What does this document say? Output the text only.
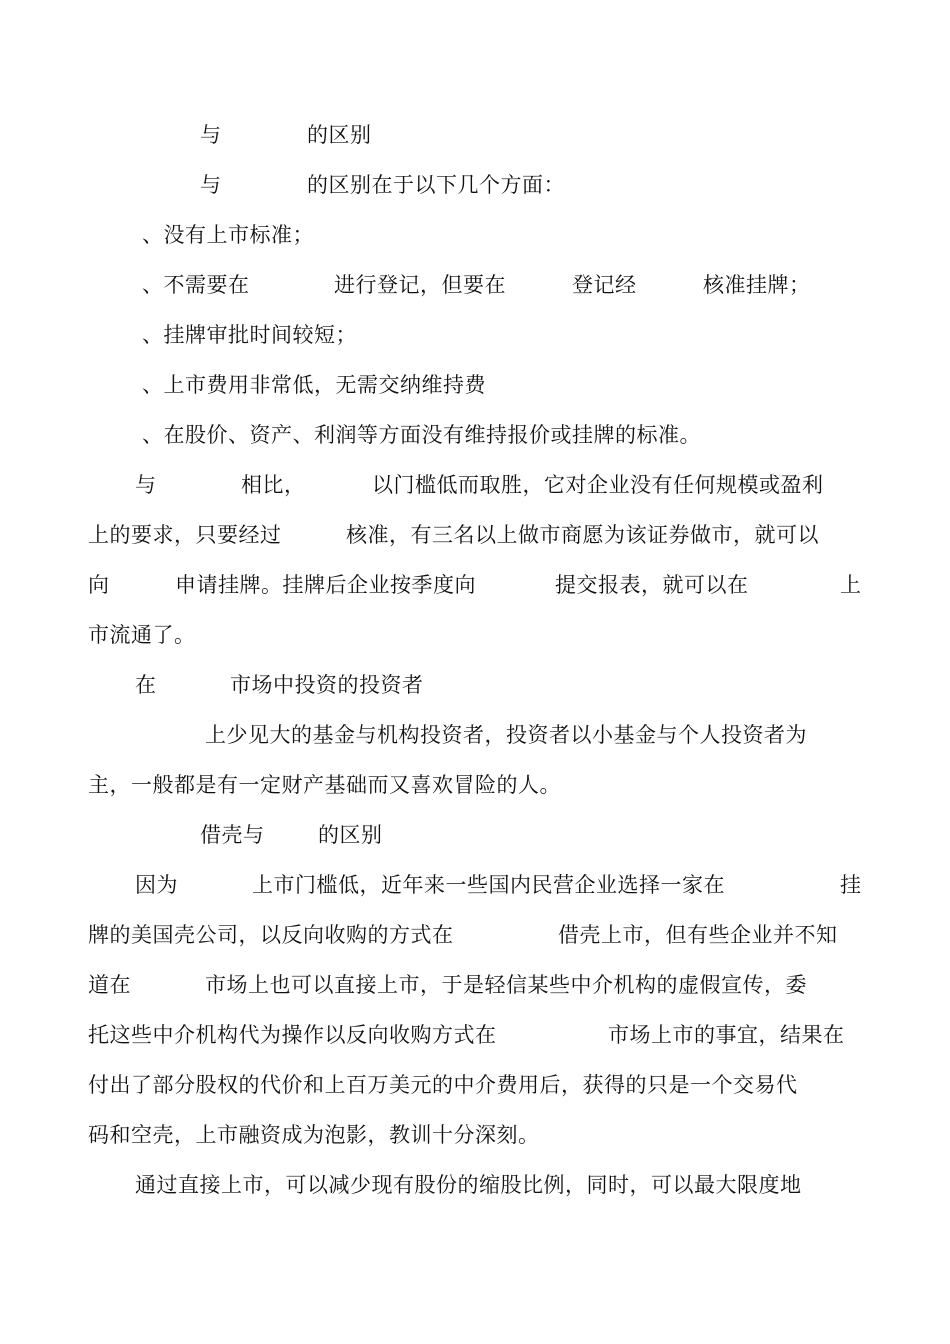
与	的区别
与	的区别在于以下几个方面：
、没有上市标准；
、不需要在	进行登记，但要在	登记经	核准挂牌；
、挂牌审批时间较短；
、上市费用非常低，无需交纳维持费
、在股价、资产、利润等方面没有维持报价或挂牌的标准。
与	相比，	以门槛低而取胜，它对企业没有任何规模或盈利
上的要求，只要经过	核准，有三名以上做市商愿为该证券做市，就可以
向	申请挂牌。挂牌后企业按季度向	提交报表，就可以在	上
市流通了。
在	市场中投资的投资者
上少见大的基金与机构投资者，投资者以小基金与个人投资者为
主，一般都是有一定财产基础而又喜欢冒险的人。
借壳与	的区别
因为	上市门槛低，近年来一些国内民营企业选择一家在	挂
牌的美国壳公司，以反向收购的方式在	借壳上市，但有些企业并不知
道在	市场上也可以直接上市，于是轻信某些中介机构的虚假宣传，委
托这些中介机构代为操作以反向收购方式在	市场上市的事宜，结果在
付出了部分股权的代价和上百万美元的中介费用后，获得的只是一个交易代
码和空壳，上市融资成为泡影，教训十分深刻。
通过直接上市，可以减少现有股份的缩股比例，同时，可以最大限度地
